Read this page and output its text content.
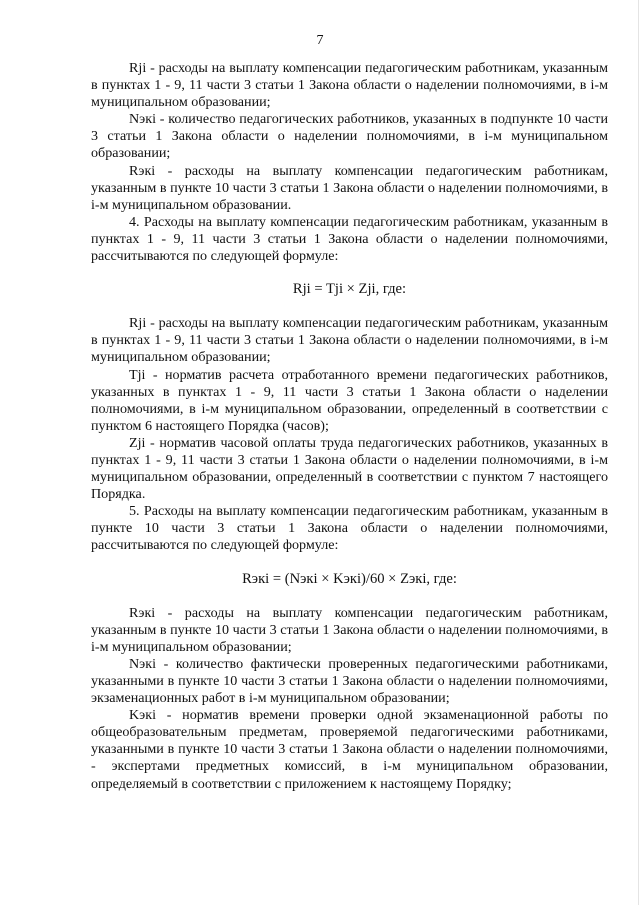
7

Rji - расходы на выплату компенсации педагогическим работникам, указанным в пунктах 1 - 9, 11 части 3 статьи 1 Закона области о наделении полномочиями, в i-м муниципальном образовании;

Nэкi - количество педагогических работников, указанных в подпункте 10 части 3 статьи 1 Закона области о наделении полномочиями, в i-м муниципальном образовании;

Rэкi - расходы на выплату компенсации педагогическим работникам, указанным в пункте 10 части 3 статьи 1 Закона области о наделении полномочиями, в i-м муниципальном образовании.

4. Расходы на выплату компенсации педагогическим работникам, указанным в пунктах 1 - 9, 11 части 3 статьи 1 Закона области о наделении полномочиями, рассчитываются по следующей формуле:

Rji = Tji × Zji, где:

Rji - расходы на выплату компенсации педагогическим работникам, указанным в пунктах 1 - 9, 11 части 3 статьи 1 Закона области о наделении полномочиями, в i-м муниципальном образовании;

Tji - норматив расчета отработанного времени педагогических работников, указанных в пунктах 1 - 9, 11 части 3 статьи 1 Закона области о наделении полномочиями, в i-м муниципальном образовании, определенный в соответствии с пунктом 6 настоящего Порядка (часов);

Zji - норматив часовой оплаты труда педагогических работников, указанных в пунктах 1 - 9, 11 части 3 статьи 1 Закона области о наделении полномочиями, в i-м муниципальном образовании, определенный в соответствии с пунктом 7 настоящего Порядка.

5. Расходы на выплату компенсации педагогическим работникам, указанным в пункте 10 части 3 статьи 1 Закона области о наделении полномочиями, рассчитываются по следующей формуле:

Rэкi = (Nэкi × Kэкi)/60 × Zэкi, где:

Rэкi - расходы на выплату компенсации педагогическим работникам, указанным в пункте 10 части 3 статьи 1 Закона области о наделении полномочиями, в i-м муниципальном образовании;

Nэкi - количество фактически проверенных педагогическими работниками, указанными в пункте 10 части 3 статьи 1 Закона области о наделении полномочиями, экзаменационных работ в i-м муниципальном образовании;

Kэкi - норматив времени проверки одной экзаменационной работы по общеобразовательным предметам, проверяемой педагогическими работниками, указанными в пункте 10 части 3 статьи 1 Закона области о наделении полномочиями, - экспертами предметных комиссий, в i-м муниципальном образовании, определяемый в соответствии с приложением к настоящему Порядку;
